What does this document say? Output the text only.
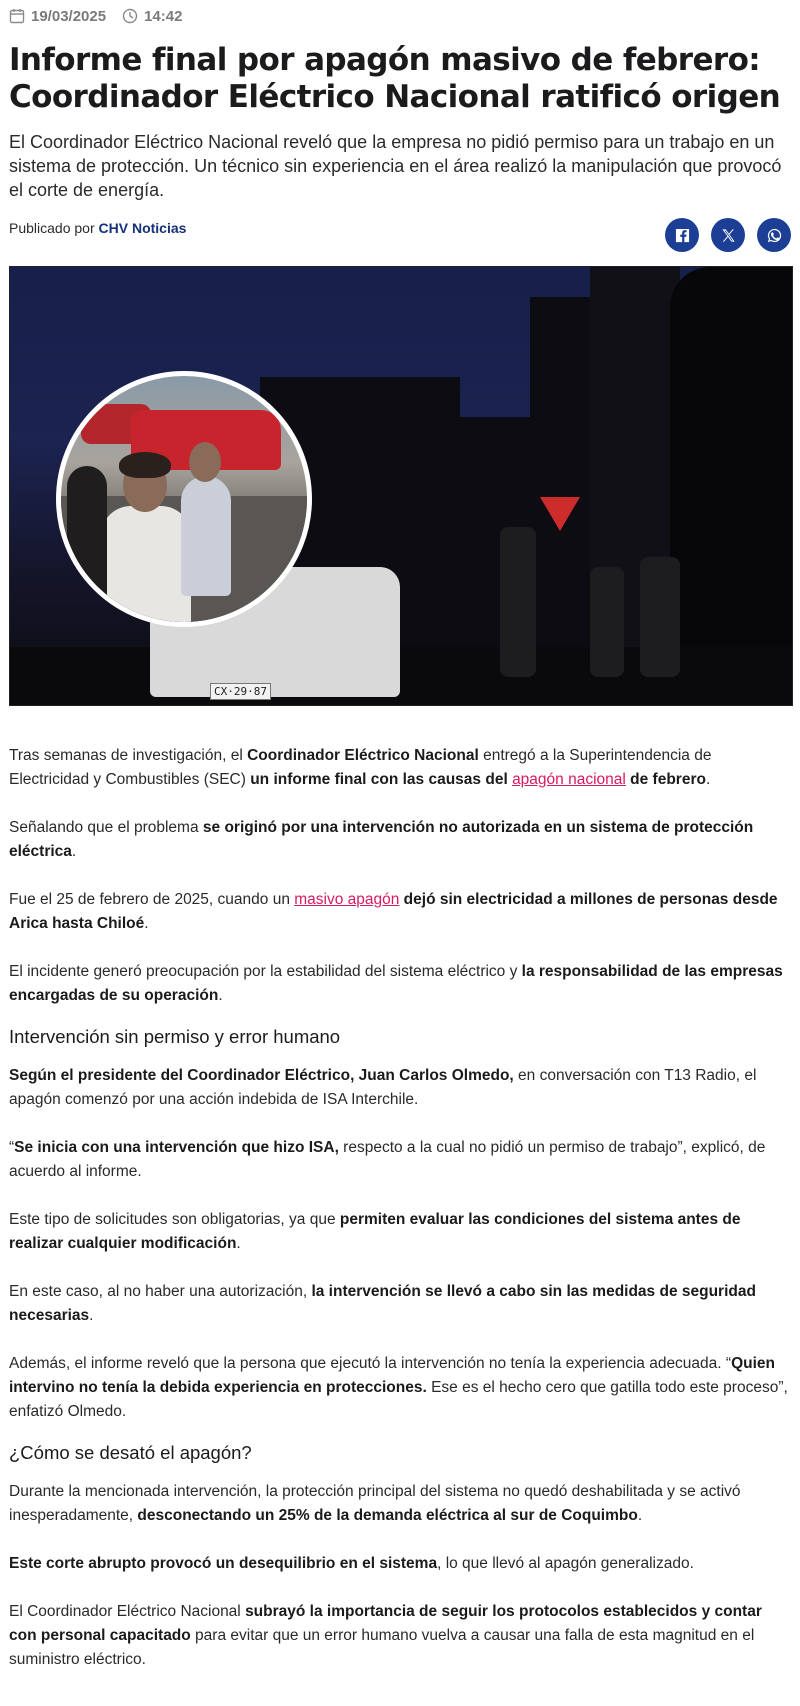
19/03/2025	14:42
Informe final por apagón masivo de febrero: Coordinador Eléctrico Nacional ratificó origen

El Coordinador Eléctrico Nacional reveló que la empresa no pidió permiso para un trabajo en un sistema de protección. Un técnico sin experiencia en el área realizó la manipulación que provocó el corte de energía.

Publicado por CHV Noticias
CX·29·87

Tras semanas de investigación, el Coordinador Eléctrico Nacional entregó a la Superintendencia de Electricidad y Combustibles (SEC) un informe final con las causas del apagón nacional de febrero.

Señalando que el problema se originó por una intervención no autorizada en un sistema de protección eléctrica.

Fue el 25 de febrero de 2025, cuando un masivo apagón dejó sin electricidad a millones de personas desde Arica hasta Chiloé.

El incidente generó preocupación por la estabilidad del sistema eléctrico y la responsabilidad de las empresas encargadas de su operación.

Intervención sin permiso y error humano

Según el presidente del Coordinador Eléctrico, Juan Carlos Olmedo, en conversación con T13 Radio, el apagón comenzó por una acción indebida de ISA Interchile.

“Se inicia con una intervención que hizo ISA, respecto a la cual no pidió un permiso de trabajo”, explicó, de acuerdo al informe.

Este tipo de solicitudes son obligatorias, ya que permiten evaluar las condiciones del sistema antes de realizar cualquier modificación.

En este caso, al no haber una autorización, la intervención se llevó a cabo sin las medidas de seguridad necesarias.

Además, el informe reveló que la persona que ejecutó la intervención no tenía la experiencia adecuada. “Quien intervino no tenía la debida experiencia en protecciones. Ese es el hecho cero que gatilla todo este proceso”, enfatizó Olmedo.

¿Cómo se desató el apagón?

Durante la mencionada intervención, la protección principal del sistema no quedó deshabilitada y se activó inesperadamente, desconectando un 25% de la demanda eléctrica al sur de Coquimbo.

Este corte abrupto provocó un desequilibrio en el sistema, lo que llevó al apagón generalizado.

El Coordinador Eléctrico Nacional subrayó la importancia de seguir los protocolos establecidos y contar con personal capacitado para evitar que un error humano vuelva a causar una falla de esta magnitud en el suministro eléctrico.
